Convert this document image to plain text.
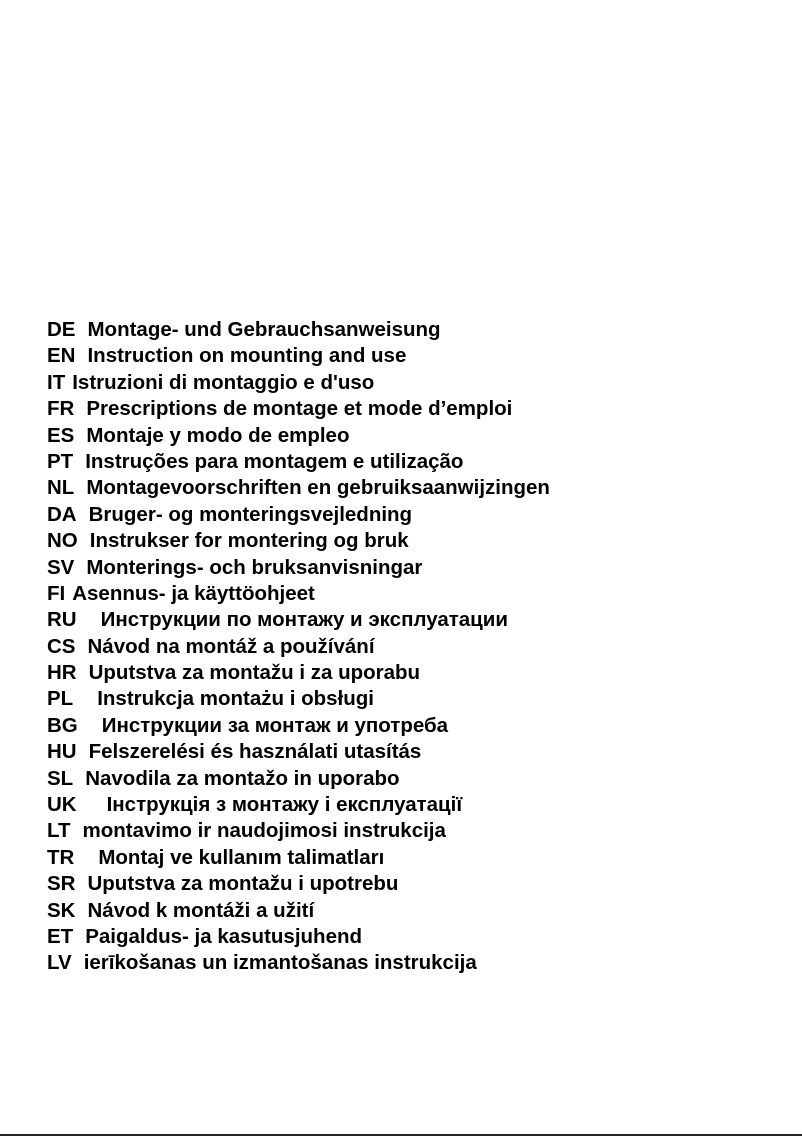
DE Montage- und Gebrauchsanweisung
EN Instruction on mounting and use
IT Istruzioni di montaggio e d'uso
FR Prescriptions de montage et mode d’emploi
ES Montaje y modo de empleo
PT Instruções para montagem e utilização
NL Montagevoorschriften en gebruiksaanwijzingen
DA Bruger- og monteringsvejledning
NO Instrukser for montering og bruk
SV Monterings- och bruksanvisningar
FI Asennus- ja käyttöohjeet
RU Инструкции по монтажу и эксплуатации
CS Návod na montáž a používání
HR Uputstva za montažu i za uporabu
PL Instrukcja montażu i obsługi
BG Инструкции за монтаж и употреба
HU Felszerelési és használati utasítás
SL Navodila za montažo in uporabo
UK Інструкція з монтажу і експлуатації
LT montavimo ir naudojimosi instrukcija
TR Montaj ve kullanım talimatları
SR Uputstva za montažu i upotrebu
SK Návod k montáži a užití
ET Paigaldus- ja kasutusjuhend
LV ierīkošanas un izmantošanas instrukcija
